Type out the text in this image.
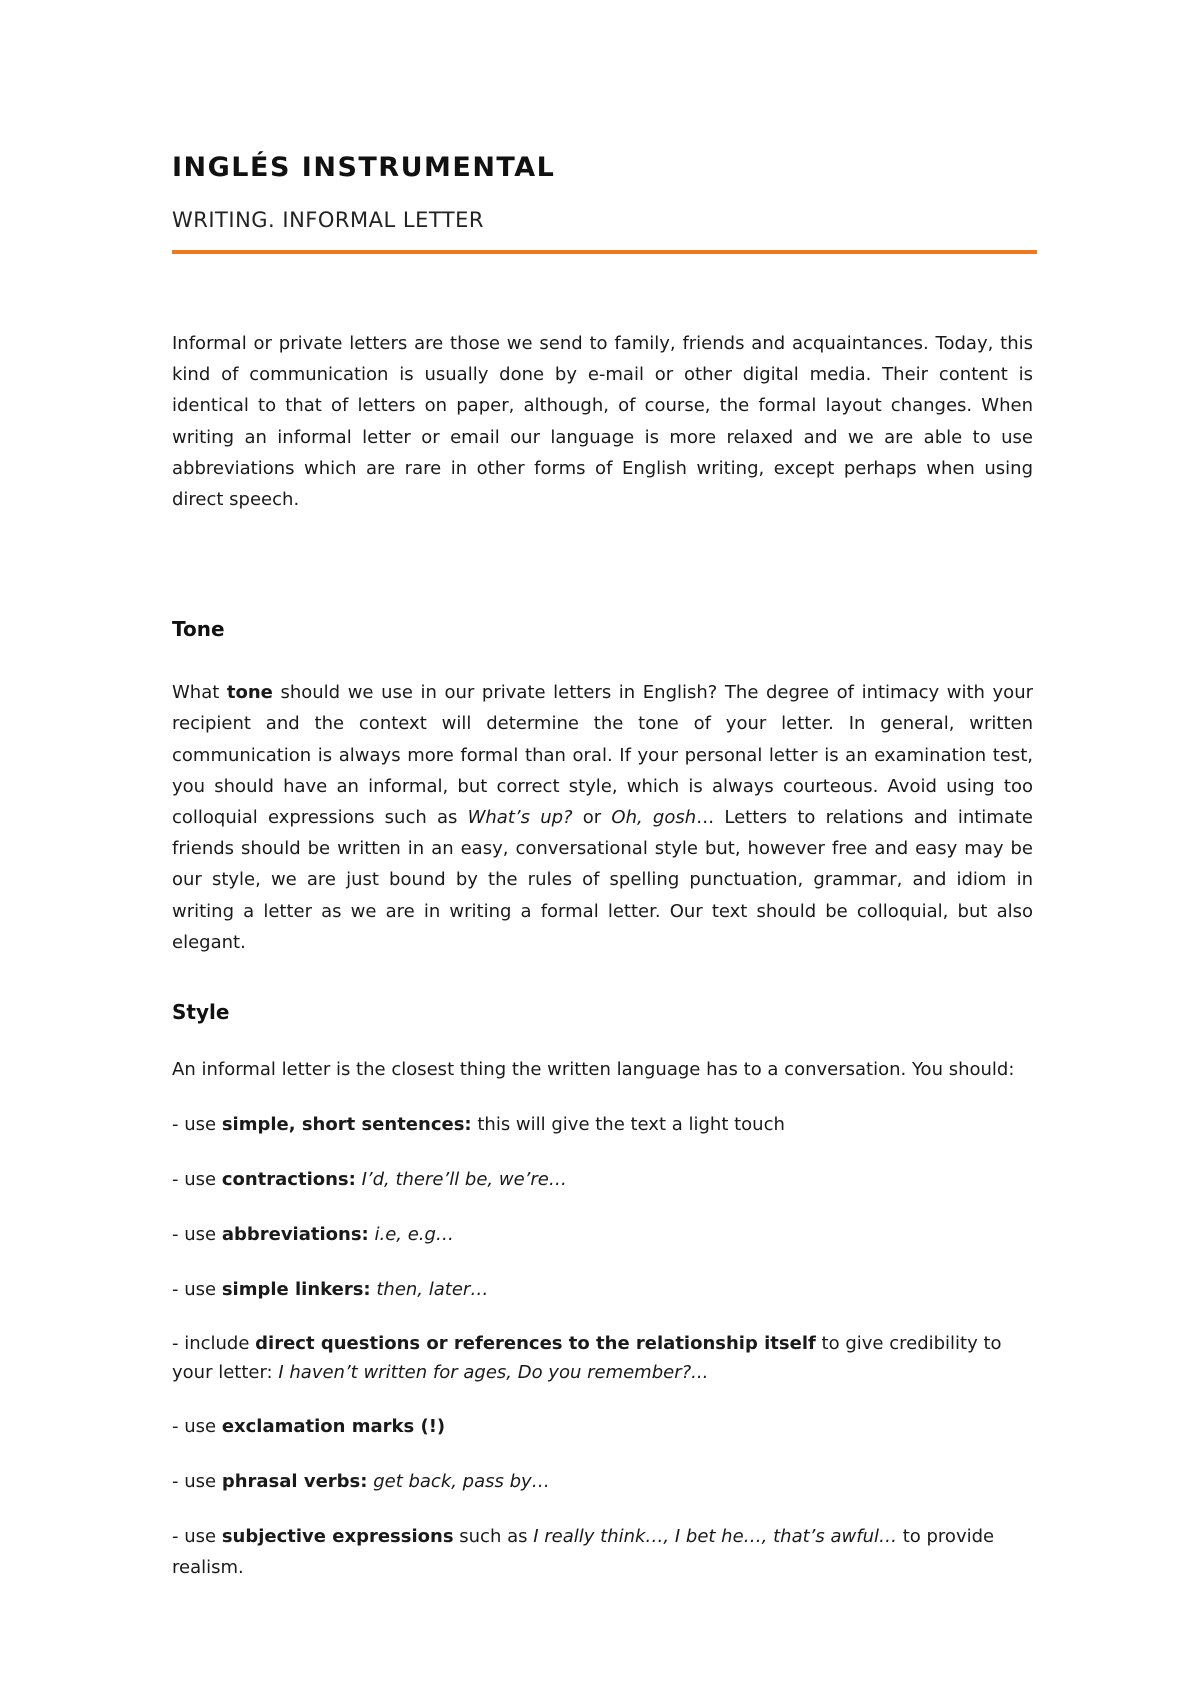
INGLÉS INSTRUMENTAL
WRITING. INFORMAL LETTER

Informal or private letters are those we send to family, friends and acquaintances. Today, this kind of communication is usually done by e-mail or other digital media. Their content is identical to that of letters on paper, although, of course, the formal layout changes. When writing an informal letter or email our language is more relaxed and we are able to use abbreviations which are rare in other forms of English writing, except perhaps when using direct speech.

Tone

What tone should we use in our private letters in English? The degree of intimacy with your recipient and the context will determine the tone of your letter. In general, written communication is always more formal than oral. If your personal letter is an examination test, you should have an informal, but correct style, which is always courteous. Avoid using too colloquial expressions such as What’s up? or Oh, gosh… Letters to relations and intimate friends should be written in an easy, conversational style but, however free and easy may be our style, we are just bound by the rules of spelling punctuation, grammar, and idiom in writing a letter as we are in writing a formal letter. Our text should be colloquial, but also elegant.

Style

An informal letter is the closest thing the written language has to a conversation. You should:

- use simple, short sentences: this will give the text a light touch
- use contractions: I’d, there’ll be, we’re…
- use abbreviations: i.e, e.g…
- use simple linkers: then, later…
- include direct questions or references to the relationship itself to give credibility to your letter: I haven’t written for ages, Do you remember?...
- use exclamation marks (!)
- use phrasal verbs: get back, pass by…
- use subjective expressions such as I really think…, I bet he…, that’s awful… to provide realism.
